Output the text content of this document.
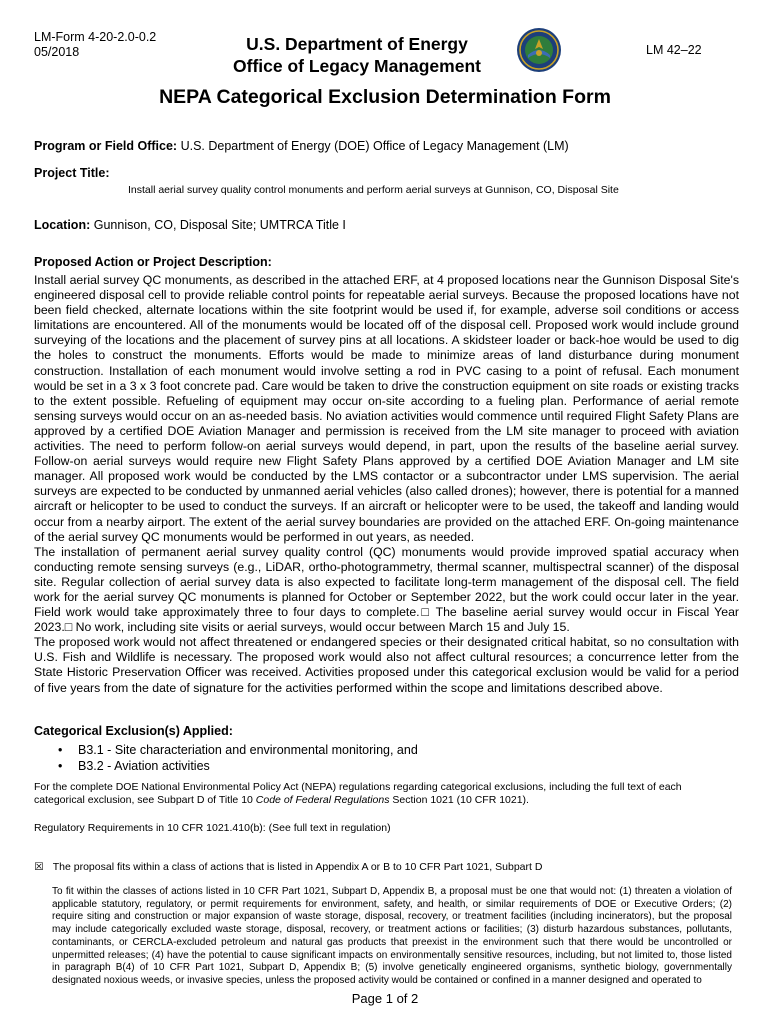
LM-Form 4-20-2.0-0.2
05/2018	U.S. Department of Energy
Office of Legacy Management
LM 42–22
NEPA Categorical Exclusion Determination Form
Program or Field Office: U.S. Department of Energy (DOE) Office of Legacy Management (LM)
Project Title:
Install aerial survey quality control monuments and perform aerial surveys at Gunnison, CO, Disposal Site
Location: Gunnison, CO, Disposal Site; UMTRCA Title I
Proposed Action or Project Description:

Install aerial survey QC monuments, as described in the attached ERF, at 4 proposed locations near the Gunnison Disposal Site's engineered disposal cell to provide reliable control points for repeatable aerial surveys. Because the proposed locations have not been field checked, alternate locations within the site footprint would be used if, for example, adverse soil conditions or access limitations are encountered. All of the monuments would be located off of the disposal cell. Proposed work would include ground surveying of the locations and the placement of survey pins at all locations. A skidsteer loader or back-hoe would be used to dig the holes to construct the monuments. Efforts would be made to minimize areas of land disturbance during monument construction. Installation of each monument would involve setting a rod in PVC casing to a point of refusal. Each monument would be set in a 3 x 3 foot concrete pad. Care would be taken to drive the construction equipment on site roads or existing tracks to the extent possible. Refueling of equipment may occur on-site according to a fueling plan. Performance of aerial remote sensing surveys would occur on an as-needed basis. No aviation activities would commence until required Flight Safety Plans are approved by a certified DOE Aviation Manager and permission is received from the LM site manager to proceed with aviation activities. The need to perform follow-on aerial surveys would depend, in part, upon the results of the baseline aerial survey. Follow-on aerial surveys would require new Flight Safety Plans approved by a certified DOE Aviation Manager and LM site manager. All proposed work would be conducted by the LMS contactor or a subcontractor under LMS supervision. The aerial surveys are expected to be conducted by unmanned aerial vehicles (also called drones); however, there is potential for a manned aircraft or helicopter to be used to conduct the surveys. If an aircraft or helicopter were to be used, the takeoff and landing would occur from a nearby airport. The extent of the aerial survey boundaries are provided on the attached ERF. On-going maintenance of the aerial survey QC monuments would be performed in out years, as needed.

The installation of permanent aerial survey quality control (QC) monuments would provide improved spatial accuracy when conducting remote sensing surveys (e.g., LiDAR, ortho-photogrammetry, thermal scanner, multispectral scanner) of the disposal site. Regular collection of aerial survey data is also expected to facilitate long-term management of the disposal cell. The field work for the aerial survey QC monuments is planned for October or September 2022, but the work could occur later in the year. Field work would take approximately three to four days to complete.□ The baseline aerial survey would occur in Fiscal Year 2023.□ No work, including site visits or aerial surveys, would occur between March 15 and July 15.

The proposed work would not affect threatened or endangered species or their designated critical habitat, so no consultation with U.S. Fish and Wildlife is necessary. The proposed work would also not affect cultural resources; a concurrence letter from the State Historic Preservation Officer was received. Activities proposed under this categorical exclusion would be valid for a period of five years from the date of signature for the activities performed within the scope and limitations described above.

Categorical Exclusion(s) Applied:
• B3.1 - Site characteriation and environmental monitoring, and
• B3.2 - Aviation activities
For the complete DOE National Environmental Policy Act (NEPA) regulations regarding categorical exclusions, including the full text of each categorical exclusion, see Subpart D of Title 10 Code of Federal Regulations Section 1021 (10 CFR 1021).
Regulatory Requirements in 10 CFR 1021.410(b): (See full text in regulation)
☒ The proposal fits within a class of actions that is listed in Appendix A or B to 10 CFR Part 1021, Subpart D
To fit within the classes of actions listed in 10 CFR Part 1021, Subpart D, Appendix B, a proposal must be one that would not: (1) threaten a violation of applicable statutory, regulatory, or permit requirements for environment, safety, and health, or similar requirements of DOE or Executive Orders; (2) require siting and construction or major expansion of waste storage, disposal, recovery, or treatment facilities (including incinerators), but the proposal may include categorically excluded waste storage, disposal, recovery, or treatment actions or facilities; (3) disturb hazardous substances, pollutants, contaminants, or CERCLA-excluded petroleum and natural gas products that preexist in the environment such that there would be uncontrolled or unpermitted releases; (4) have the potential to cause significant impacts on environmentally sensitive resources, including, but not limited to, those listed in paragraph B(4) of 10 CFR Part 1021, Subpart D, Appendix B; (5) involve genetically engineered organisms, synthetic biology, governmentally designated noxious weeds, or invasive species, unless the proposed activity would be contained or confined in a manner designed and operated to
Page 1 of 2
